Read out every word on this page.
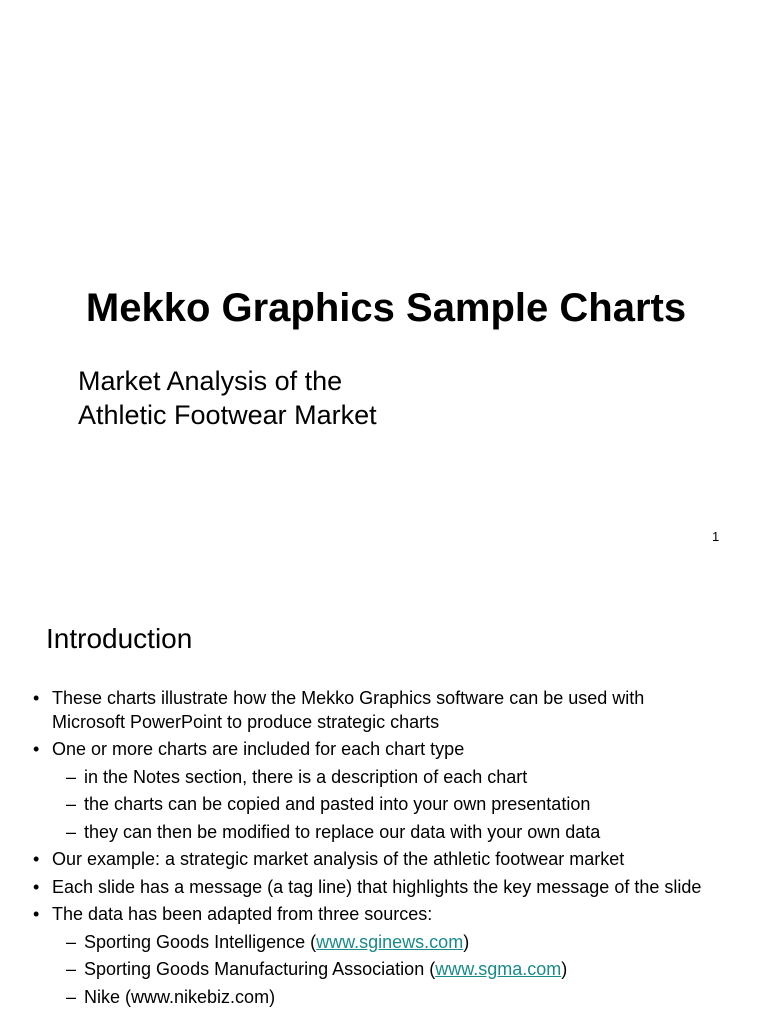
Mekko Graphics Sample Charts

Market Analysis of the
Athletic Footwear Market

1
Introduction
• These charts illustrate how the Mekko Graphics software can be used with Microsoft PowerPoint to produce strategic charts
• One or more charts are included for each chart type
– in the Notes section, there is a description of each chart
– the charts can be copied and pasted into your own presentation
– they can then be modified to replace our data with your own data
• Our example: a strategic market analysis of the athletic footwear market
• Each slide has a message (a tag line) that highlights the key message of the slide
• The data has been adapted from three sources:
– Sporting Goods Intelligence (www.sginews.com)
– Sporting Goods Manufacturing Association (www.sgma.com)
– Nike (www.nikebiz.com)
